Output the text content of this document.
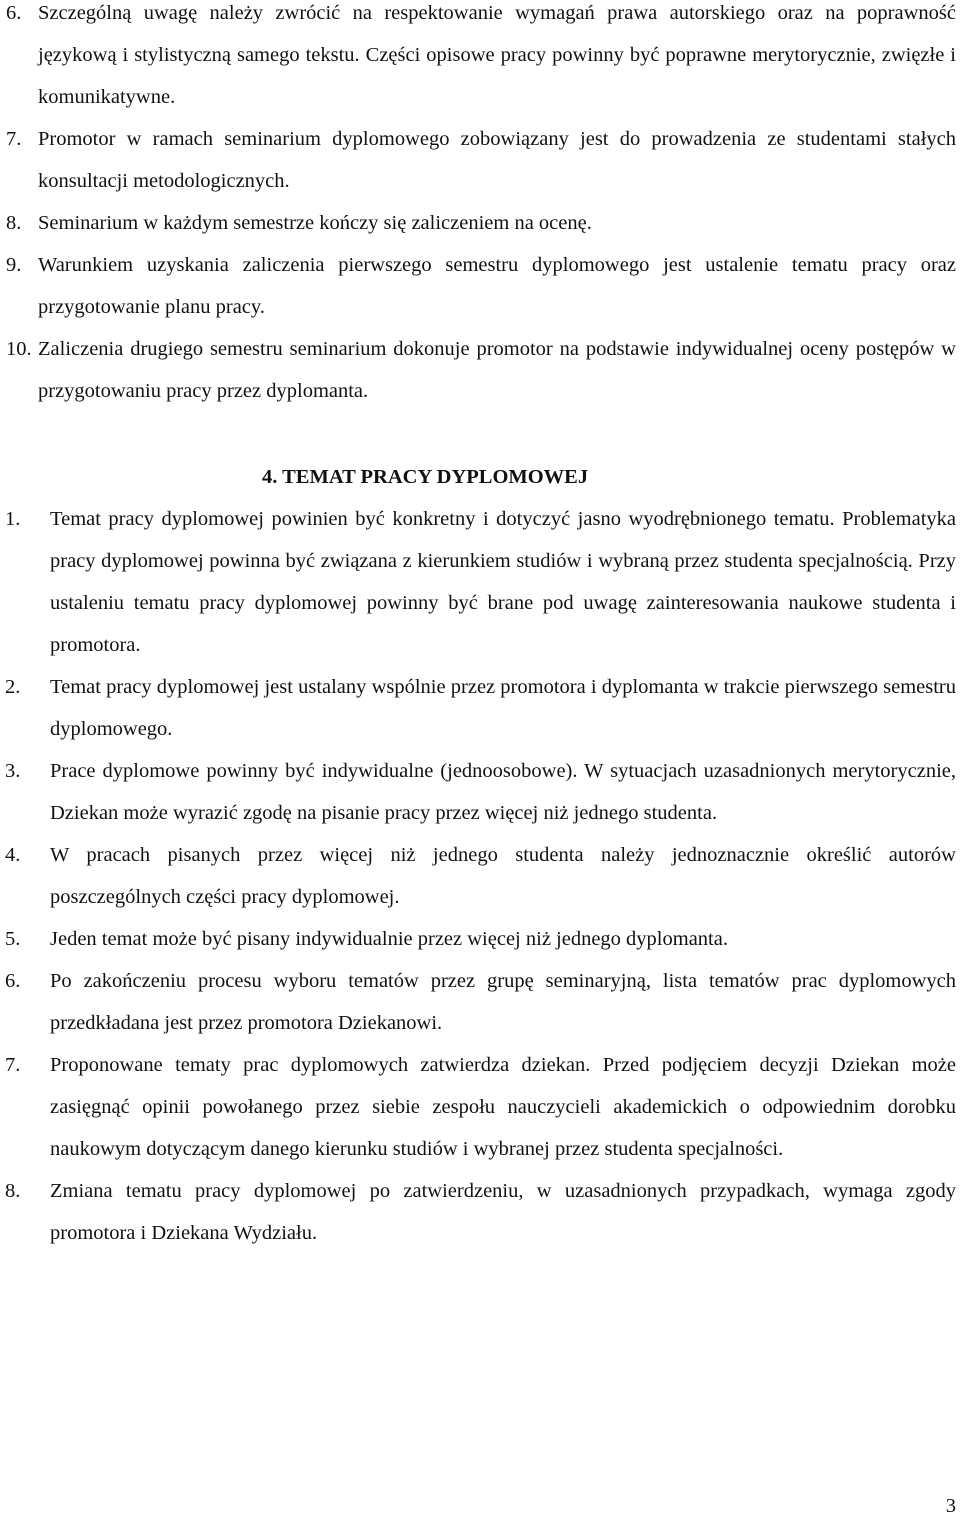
6. Szczególną uwagę należy zwrócić na respektowanie wymagań prawa autorskiego oraz na poprawność językową i stylistyczną samego tekstu. Części opisowe pracy powinny być poprawne merytorycznie, zwięzłe i komunikatywne.
7. Promotor w ramach seminarium dyplomowego zobowiązany jest do prowadzenia ze studentami stałych konsultacji metodologicznych.
8. Seminarium w każdym semestrze kończy się zaliczeniem na ocenę.
9. Warunkiem uzyskania zaliczenia pierwszego semestru dyplomowego jest ustalenie tematu pracy oraz przygotowanie planu pracy.
10. Zaliczenia drugiego semestru seminarium dokonuje promotor na podstawie indywidualnej oceny postępów w przygotowaniu pracy przez dyplomanta.
4. TEMAT PRACY DYPLOMOWEJ
1. Temat pracy dyplomowej powinien być konkretny i dotyczyć jasno wyodrębnionego tematu. Problematyka pracy dyplomowej powinna być związana z kierunkiem studiów i wybraną przez studenta specjalnością. Przy ustaleniu tematu pracy dyplomowej powinny być brane pod uwagę zainteresowania naukowe studenta i promotora.
2. Temat pracy dyplomowej jest ustalany wspólnie przez promotora i dyplomanta w trakcie pierwszego semestru dyplomowego.
3. Prace dyplomowe powinny być indywidualne (jednoosobowe). W sytuacjach uzasadnionych merytorycznie, Dziekan może wyrazić zgodę na pisanie pracy przez więcej niż jednego studenta.
4. W pracach pisanych przez więcej niż jednego studenta należy jednoznacznie określić autorów poszczególnych części pracy dyplomowej.
5. Jeden temat może być pisany indywidualnie przez więcej niż jednego dyplomanta.
6. Po zakończeniu procesu wyboru tematów przez grupę seminaryjną, lista tematów prac dyplomowych przedkładana jest przez promotora Dziekanowi.
7. Proponowane tematy prac dyplomowych zatwierdza dziekan. Przed podjęciem decyzji Dziekan może zasięgnąć opinii powołanego przez siebie zespołu nauczycieli akademickich o odpowiednim dorobku naukowym dotyczącym danego kierunku studiów i wybranej przez studenta specjalności.
8. Zmiana tematu pracy dyplomowej po zatwierdzeniu, w uzasadnionych przypadkach, wymaga zgody promotora i Dziekana Wydziału.
3
